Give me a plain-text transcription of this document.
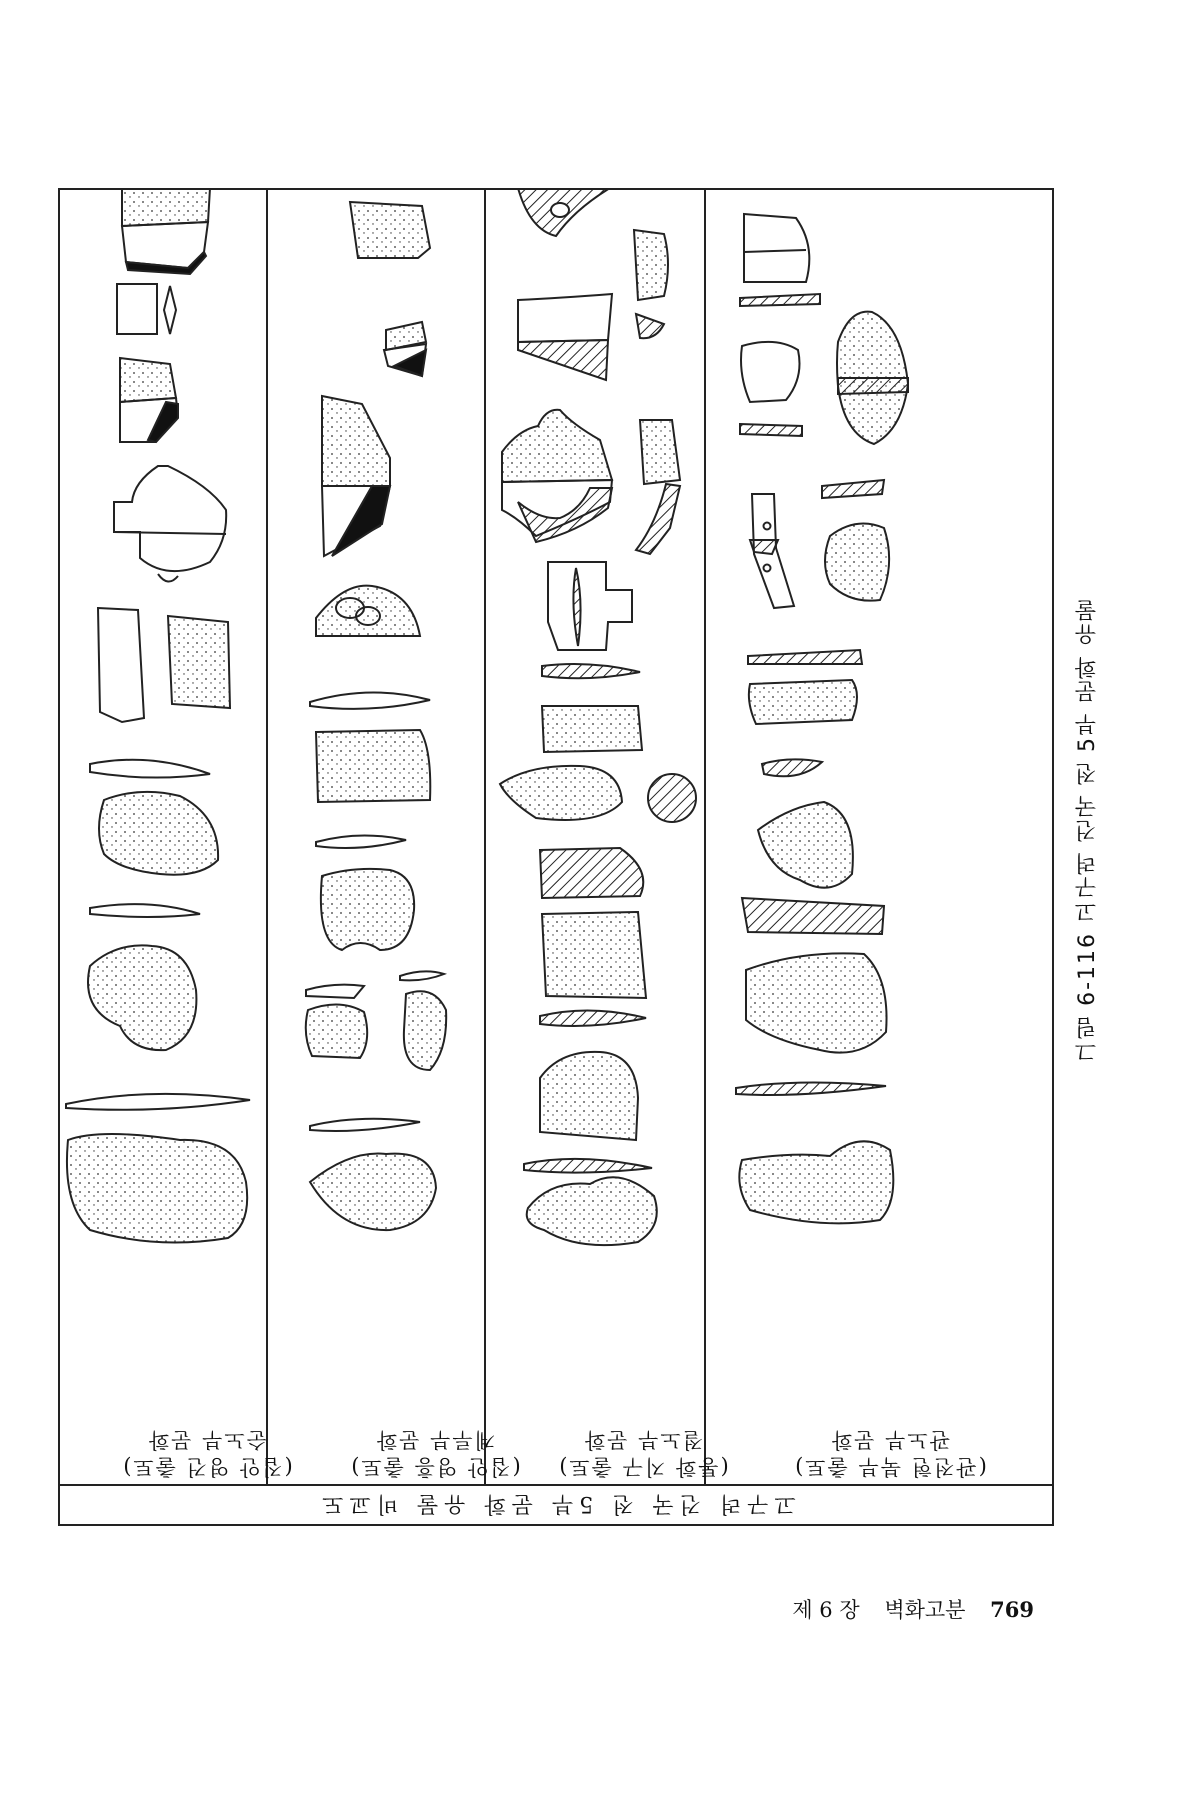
(관전현 북부 출토)
관노부 문화
(통화 지구 출토)
절노부 문화
(집안 영흥 출토)
계루부 문화
(집안 영건 출토)
순노부 문화
고구려 건국 전 5부 문화 유물 비교도
그림 6-116 고구려 건국 전 5부 문화 유물
제 6 장 벽화고분 769
